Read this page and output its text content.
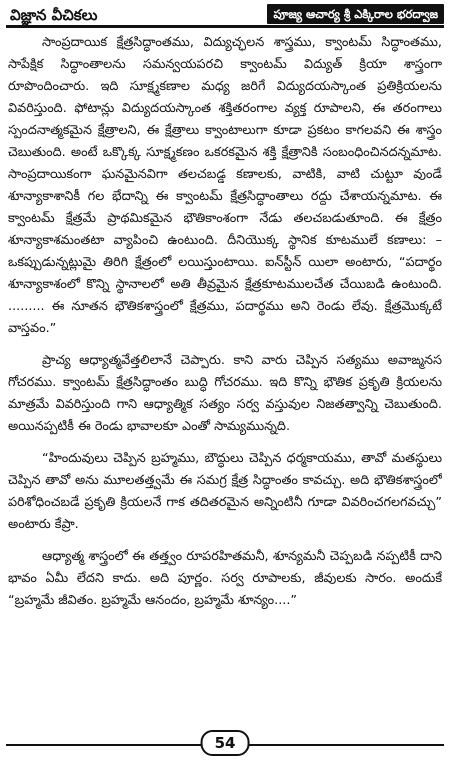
విజ్ఞాన వీచికలు	పూజ్య ఆచార్య శ్రీ ఎక్కిరాల భరద్వాజ

సాంప్రదాయిక క్షేత్రసిద్ధాంతము, విద్యుచ్ఛలన శాస్త్రము, క్వాంటమ్ సిద్ధాంతము, సాపేక్షిక సిద్ధాంతాలను సమన్వయపరచి క్వాంటమ్ విద్యుత్ క్రియా శాస్త్రంగా రూపొందించారు. ఇది సూక్ష్మకణాల మధ్య జరిగే విద్యుదయస్కాంత ప్రతిక్రియలను వివరిస్తుంది. ఫోటాన్లు విద్యుదయస్కాంత శక్తితరంగాల వ్యక్త రూపాలని, ఈ తరంగాలు స్పందనాత్మకమైన క్షేత్రాలని, ఈ క్షేత్రాలు క్వాంటాలుగా కూడా ప్రకటం కాగలవని ఈ శాస్త్రం చెబుతుంది. అంటే ఒక్కొక్క సూక్ష్మకణం ఒకరకమైన శక్తి క్షేత్రానికి సంబంధించినదన్నమాట. సాంప్రదాయికంగా ఘనమైనవిగా తలచబడ్డ కణాలకు, వాటికి, వాటి చుట్టూ వుండే శూన్యాకాశానికీ గల భేదాన్ని ఈ క్వాంటమ్ క్షేత్రసిద్ధాంతాలు రద్దు చేశాయన్నమాట. ఈ క్వాంటమ్ క్షేత్రమే ప్రాథమికమైన భౌతికాంశంగా నేడు తలచబడుతూంది. ఈ క్షేత్రం శూన్యాకాశమంతటా వ్యాపించి ఉంటుంది. దీనియొక్క స్థానిక కూటములే కణాలు: – ఒకప్పుడున్నట్లుమై తిరిగి క్షేత్రంలో లయిస్తుంటాయి. ఐన్‌స్టీన్ యిలా అంటారు, “పదార్థం శూన్యాకాశంలో కొన్ని స్థానాలలో అతి తీవ్రమైన క్షేత్రకూటములచేత చేయిబడి ఉంటుంది. ......... ఈ నూతన భౌతికశాస్త్రంలో క్షేత్రము, పదార్థము అని రెండు లేవు. క్షేత్రమొక్కటే వాస్తవం.”

ప్రాచ్య ఆధ్యాత్మవేత్తలిలానే చెప్పారు. కాని వారు చెప్పిన సత్యము అవాఙ్మనస గోచరము. క్వాంటమ్ క్షేత్రసిద్ధాంతం బుద్ధి గోచరము. ఇది కొన్ని భౌతిక ప్రకృతి క్రియలను మాత్రమే వివరిస్తుంది గాని ఆధ్యాత్మిక సత్యం సర్వ వస్తువుల నిజతత్వాన్ని చెబుతుంది. అయినప్పటికీ ఈ రెండు భావాలకూ ఎంతో సామ్యమున్నది.

“హిందువులు చెప్పిన బ్రహ్మము, బౌద్ధులు చెప్పిన ధర్మకాయము, తావో మతస్థులు చెప్పిన తావో అను మూలతత్త్వమే ఈ సమగ్ర క్షేత్ర సిద్ధాంతం కావచ్చు. అది భౌతికశాస్త్రంలో పరిశోధించబడే ప్రకృతి క్రియలనే గాక తదితరమైన అన్నింటినీ గూడా వివరించగలగవచ్చు” అంటారు కేప్రా.

ఆధ్యాత్మ శాస్త్రంలో ఈ తత్త్వం రూపరహితమనీ, శూన్యమనీ చెప్పబడి నప్పటికీ దాని భావం ఏమీ లేదని కాదు. అది పూర్ణం. సర్వ రూపాలకు, జీవులకు సారం. అందుకే “బ్రహ్మమే జీవితం. బ్రహ్మమే ఆనందం, బ్రహ్మమే శూన్యం....”

54
